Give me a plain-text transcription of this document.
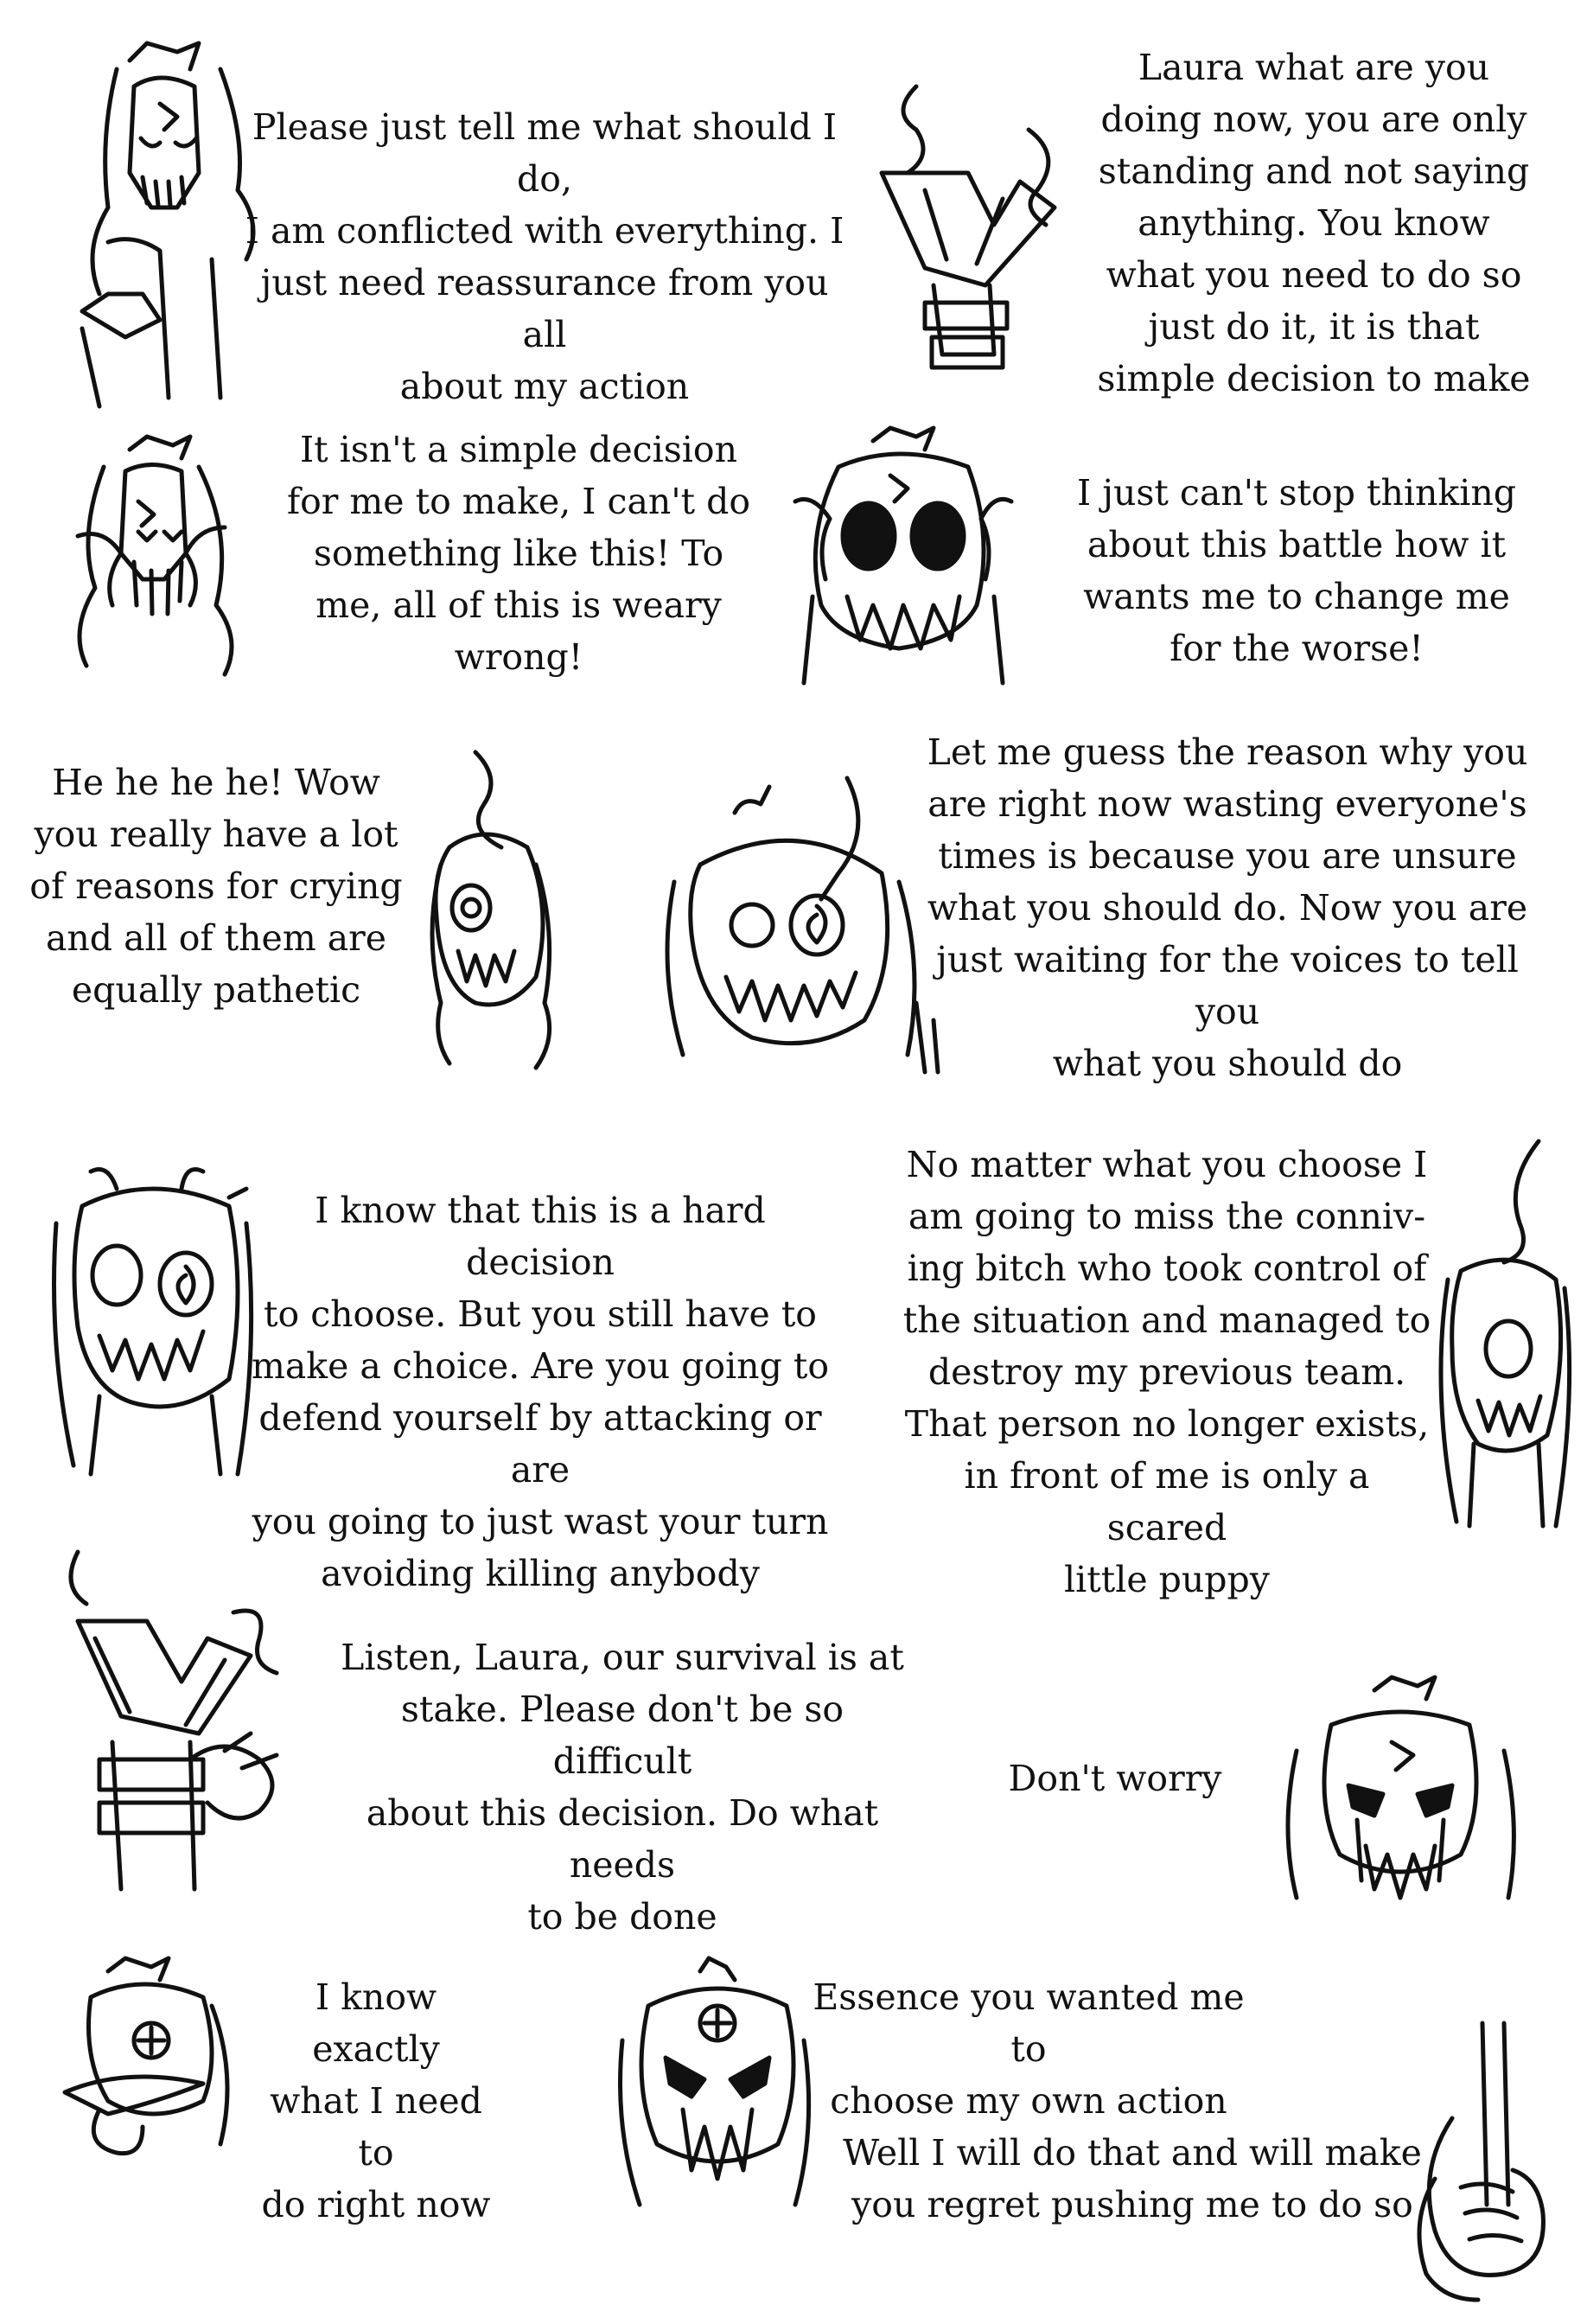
Please just tell me what should I do,
I am conflicted with everything. I
just need reassurance from you all
about my action
Laura what are you
doing now, you are only
standing and not saying
anything. You know
what you need to do so
just do it, it is that
simple decision to make
It isn't a simple decision
for me to make, I can't do
something like this! To
me, all of this is weary
wrong!
I just can't stop thinking
about this battle how it
wants me to change me
for the worse!
He he he he! Wow
you really have a lot
of reasons for crying
and all of them are
equally pathetic
Let me guess the reason why you
are right now wasting everyone's
times is because you are unsure
what you should do. Now you are
just waiting for the voices to tell you
what you should do
I know that this is a hard decision
to choose. But you still have to
make a choice. Are you going to
defend yourself by attacking or are
you going to just wast your turn
avoiding killing anybody
No matter what you choose I
am going to miss the conniv-
ing bitch who took control of
the situation and managed to
destroy my previous team.
That person no longer exists,
in front of me is only a scared
little puppy
Listen, Laura, our survival is at
stake. Please don't be so difficult
about this decision. Do what needs
to be done
Don't worry
I know exactly
what I need to
do right now
Essence you wanted me to
choose my own action
Well I will do that and will make
you regret pushing me to do so
